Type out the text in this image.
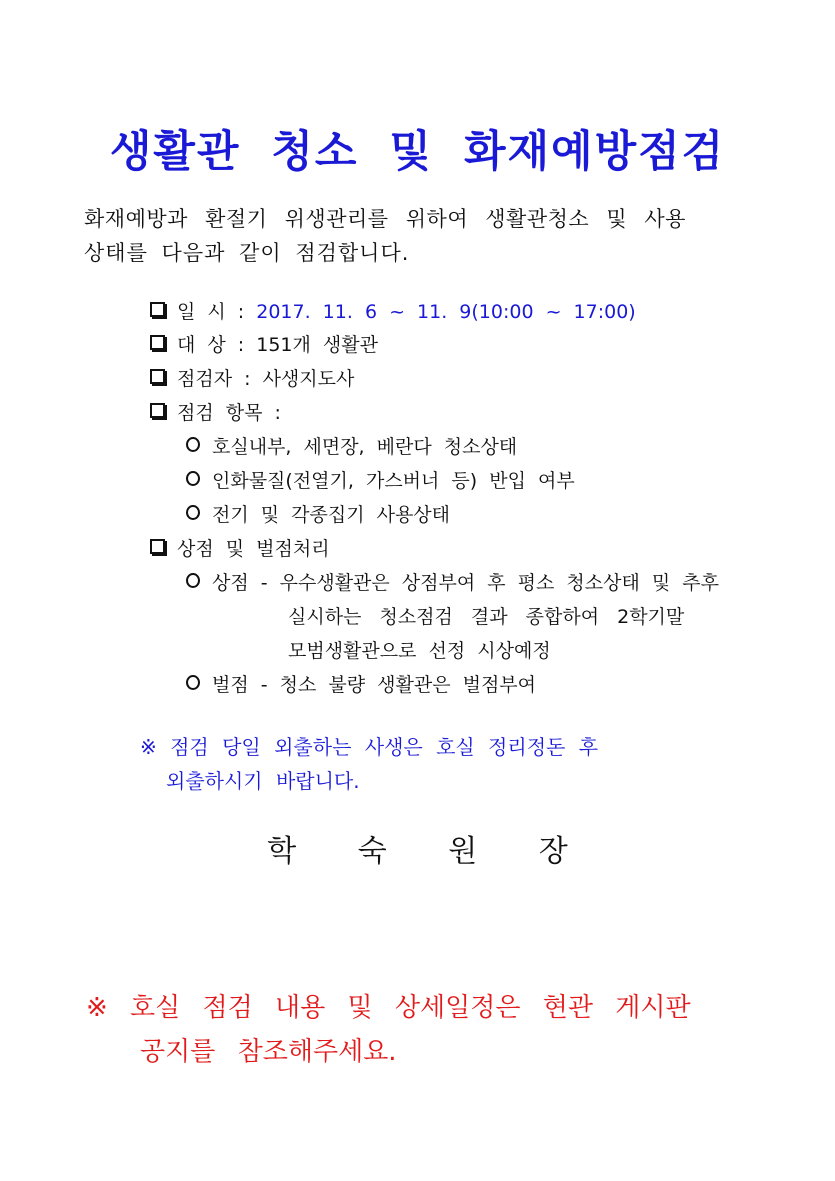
생활관 청소 및 화재예방점검
화재예방과 환절기 위생관리를 위하여 생활관청소 및 사용
상태를 다음과 같이 점검합니다.
일 시 : 2017. 11. 6 ~ 11. 9(10:00 ~ 17:00)
대 상 : 151개 생활관
점검자 : 사생지도사
점검 항목 :
호실내부, 세면장, 베란다 청소상태
인화물질(전열기, 가스버너 등) 반입 여부
전기 및 각종집기 사용상태
상점 및 벌점처리
상점 - 우수생활관은 상점부여 후 평소 청소상태 및 추후
실시하는 청소점검 결과 종합하여 2학기말
모범생활관으로 선정 시상예정
벌점 - 청소 불량 생활관은 벌점부여
※ 점검 당일 외출하는 사생은 호실 정리정돈 후
외출하시기 바랍니다.
학 숙 원 장
※ 호실 점검 내용 및 상세일정은 현관 게시판
공지를 참조해주세요.
